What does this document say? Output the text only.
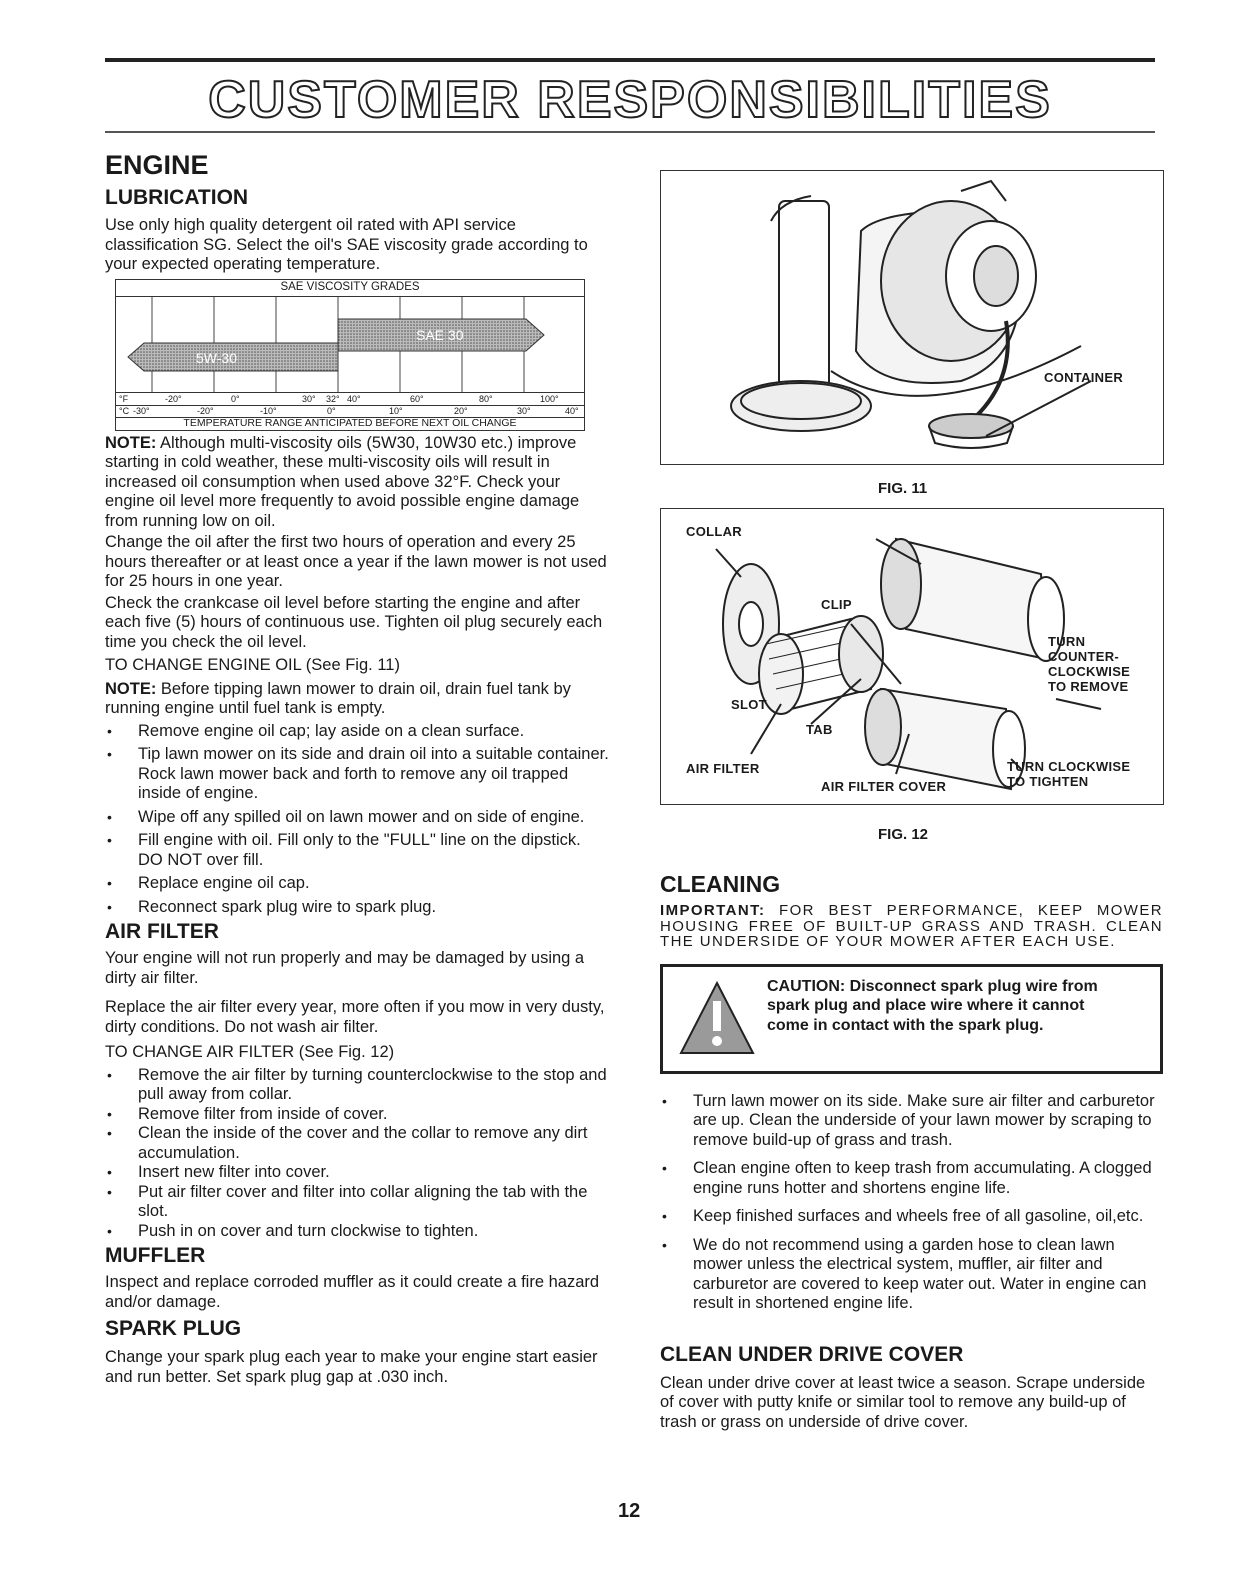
CUSTOMER RESPONSIBILITIES
ENGINE
LUBRICATION
Use only high quality detergent oil rated with API service classification SG. Select the oil's SAE viscosity grade according to your expected operating temperature.
SAE VISCOSITY GRADES
SAE 30
5W-30
°F	-20°	0°	30° 32° 40°	60°	80°	100°
°C -30°	-20°	-10°	0°	10°	20°	30°	40°
TEMPERATURE RANGE ANTICIPATED BEFORE NEXT OIL CHANGE
NOTE: Although multi-viscosity oils (5W30, 10W30 etc.) improve starting in cold weather, these multi-viscosity oils will result in increased oil consumption when used above 32°F. Check your engine oil level more frequently to avoid possible engine damage from running low on oil.
Change the oil after the first two hours of operation and every 25 hours thereafter or at least once a year if the lawn mower is not used for 25 hours in one year.
Check the crankcase oil level before starting the engine and after each five (5) hours of continuous use. Tighten oil plug securely each time you check the oil level.
TO CHANGE ENGINE OIL (See Fig. 11)
NOTE: Before tipping lawn mower to drain oil, drain fuel tank by running engine until fuel tank is empty.
• Remove engine oil cap; lay aside on a clean surface.
• Tip lawn mower on its side and drain oil into a suitable container. Rock lawn mower back and forth to remove any oil trapped inside of engine.
• Wipe off any spilled oil on lawn mower and on side of engine.
• Fill engine with oil. Fill only to the "FULL" line on the dipstick. DO NOT over fill.
• Replace engine oil cap.
• Reconnect spark plug wire to spark plug.
AIR FILTER
Your engine will not run properly and may be damaged by using a dirty air filter.
Replace the air filter every year, more often if you mow in very dusty, dirty conditions. Do not wash air filter.
TO CHANGE AIR FILTER (See Fig. 12)
• Remove the air filter by turning counterclockwise to the stop and pull away from collar.
• Remove filter from inside of cover.
• Clean the inside of the cover and the collar to remove any dirt accumulation.
• Insert new filter into cover.
• Put air filter cover and filter into collar aligning the tab with the slot.
• Push in on cover and turn clockwise to tighten.
MUFFLER
Inspect and replace corroded muffler as it could create a fire hazard and/or damage.
SPARK PLUG
Change your spark plug each year to make your engine start easier and run better. Set spark plug gap at .030 inch.
12
CONTAINER
FIG. 11
COLLAR
CLIP
TURN
COUNTER-
CLOCKWISE
TO REMOVE
SLOT
TAB
AIR FILTER
AIR FILTER COVER
TURN CLOCKWISE
TO TIGHTEN
FIG. 12
CLEANING
IMPORTANT: FOR BEST PERFORMANCE, KEEP MOWER HOUSING FREE OF BUILT-UP GRASS AND TRASH. CLEAN THE UNDERSIDE OF YOUR MOWER AFTER EACH USE.
CAUTION: Disconnect spark plug wire from spark plug and place wire where it cannot come in contact with the spark plug.
• Turn lawn mower on its side. Make sure air filter and carburetor are up. Clean the underside of your lawn mower by scraping to remove build-up of grass and trash.
• Clean engine often to keep trash from accumulating. A clogged engine runs hotter and shortens engine life.
• Keep finished surfaces and wheels free of all gasoline, oil,etc.
• We do not recommend using a garden hose to clean lawn mower unless the electrical system, muffler, air filter and carburetor are covered to keep water out. Water in engine can result in shortened engine life.
CLEAN UNDER DRIVE COVER
Clean under drive cover at least twice a season. Scrape underside of cover with putty knife or similar tool to remove any build-up of trash or grass on underside of drive cover.
